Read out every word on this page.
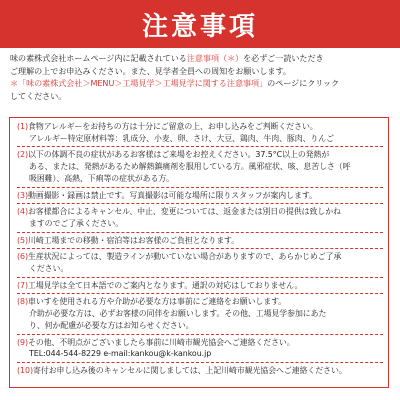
注意事項

味の素株式会社ホームページ内に記載されている注意事項（＊）を必ずご一読いただき

ご理解の上でお申込みください。また、見学者全員への周知をお願いします。

＊「味の素株式会社＞MENU＞工場見学＞工場見学に関する注意事項」のページにクリック

してください。

(1)食物アレルギーをお持ちの方は十分にご留意の上、お申し込みをご判断ください。
アレルギー特定原材料等：乳成分、小麦、卵、さけ、大豆、鶏肉、牛肉、豚肉、りんご
(2)以下の体調不良の症状があるお客様はご来場をお控えください。37.5°C以上の発熱が
ある、または、発熱があるため解熱鎮痛剤を服用している方。風邪症状、咳、息苦しさ（呼
吸困難）、高熱、下痢等の症状がある方。
(3)動画撮影・録画は禁止です。写真撮影は可能な場所に限りスタッフが案内します。
(4)お客様都合によるキャンセル、中止、変更については、返金または別日の提供は致しかね
ますのでご了承ください。
(5)川崎工場までの移動・宿泊等はお客様のご負担となります。
(6)生産状況によっては、製造ラインが動いていない場合がありますので、あらかじめご了承
ください。
(7)工場見学は全て日本語でのご案内となります。通訳の対応はしておりません。
(8)車いすを使用される方や介助が必要な方は事前にご連絡をお願いします。
介助が必要な方は、必ずお客様の同伴をお願いします。その他、工場見学参加にあた
り、何か配慮が必要な方はお知らせください。
(9)その他、不明点がございましたら事前に川崎市観光協会へご連絡ください。
TEL:044-544-8229 e-mail:kankou@k-kankou.jp
(10)寄付お申し込み後のキャンセルに関しましては、上記川崎市観光協会へご連絡ください。
